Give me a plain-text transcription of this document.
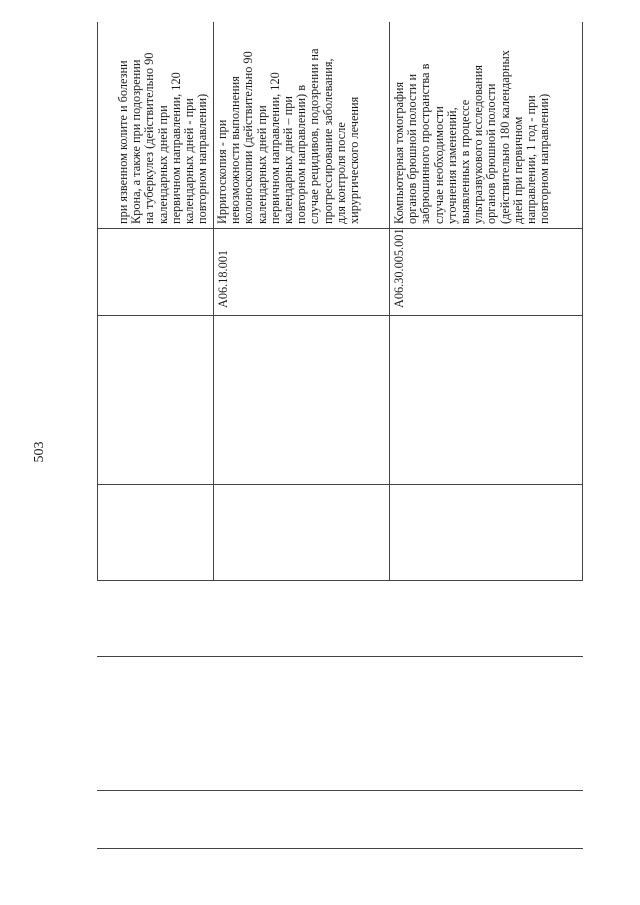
503
при язвенном колите и болезни
Крона, а также при подозрении
на туберкулез (действительно 90
календарных дней при
первичном направлении, 120
календарных дней - при
повторном направлении)
A06.18.001
Ирригоскопия - при
невозможности выполнения
колоноскопии (действительно 90
календарных дней при
первичном направлении, 120
календарных дней – при
повторном направлении) в
случае рецидивов, подозрении на
прогрессирование заболевания,
для контроля после
хирургического лечения
A06.30.005.001
Компьютерная томография
органов брюшной полости и
забрюшинного пространства в
случае необходимости
уточнения изменений,
выявленных в процессе
ультразвукового исследования
органов брюшной полости
(действительно 180 календарных
дней при первичном
направлении, 1 год - при
повторном направлении)
